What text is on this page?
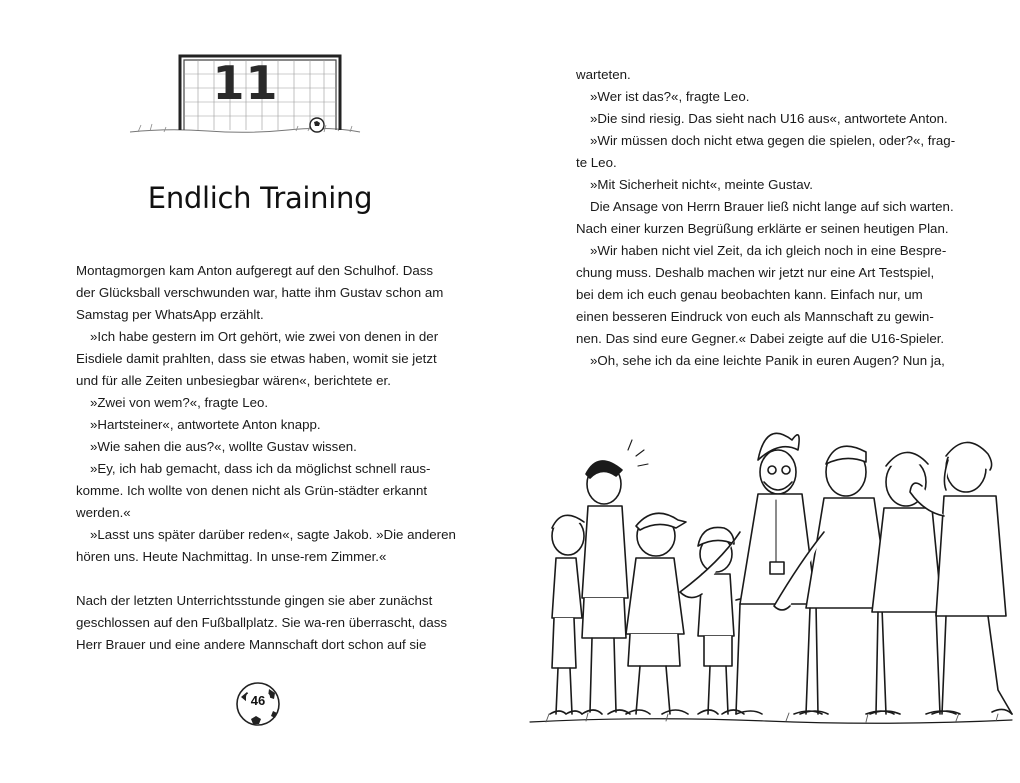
11
Endlich Training
Montagmorgen kam Anton aufgeregt auf den Schulhof. Dass
der Glücksball verschwunden war, hatte ihm Gustav schon am
Samstag per WhatsApp erzählt.
»Ich habe gestern im Ort gehört, wie zwei von denen in der
Eisdiele damit prahlten, dass sie etwas haben, womit sie jetzt
und für alle Zeiten unbesiegbar wären«, berichtete er.
»Zwei von wem?«, fragte Leo.
»Hartsteiner«, antwortete Anton knapp.
»Wie sahen die aus?«, wollte Gustav wissen.
»Ey, ich hab gemacht, dass ich da möglichst schnell raus-
komme. Ich wollte von denen nicht als Grün-städter erkannt
werden.«
»Lasst uns später darüber reden«, sagte Jakob. »Die anderen
hören uns. Heute Nachmittag. In unse-rem Zimmer.«
Nach der letzten Unterrichtsstunde gingen sie aber zunächst
geschlossen auf den Fußballplatz. Sie wa-ren überrascht, dass
Herr Brauer und eine andere Mannschaft dort schon auf sie
46
warteten.
»Wer ist das?«, fragte Leo.
»Die sind riesig. Das sieht nach U16 aus«, antwortete Anton.
»Wir müssen doch nicht etwa gegen die spielen, oder?«, frag-
te Leo.
»Mit Sicherheit nicht«, meinte Gustav.
Die Ansage von Herrn Brauer ließ nicht lange auf sich warten.
Nach einer kurzen Begrüßung erklärte er seinen heutigen Plan.
»Wir haben nicht viel Zeit, da ich gleich noch in eine Bespre-
chung muss. Deshalb machen wir jetzt nur eine Art Testspiel,
bei dem ich euch genau beobachten kann. Einfach nur, um
einen besseren Eindruck von euch als Mannschaft zu gewin-
nen. Das sind eure Gegner.« Dabei zeigte auf die U16-Spieler.
»Oh, sehe ich da eine leichte Panik in euren Augen? Nun ja,
